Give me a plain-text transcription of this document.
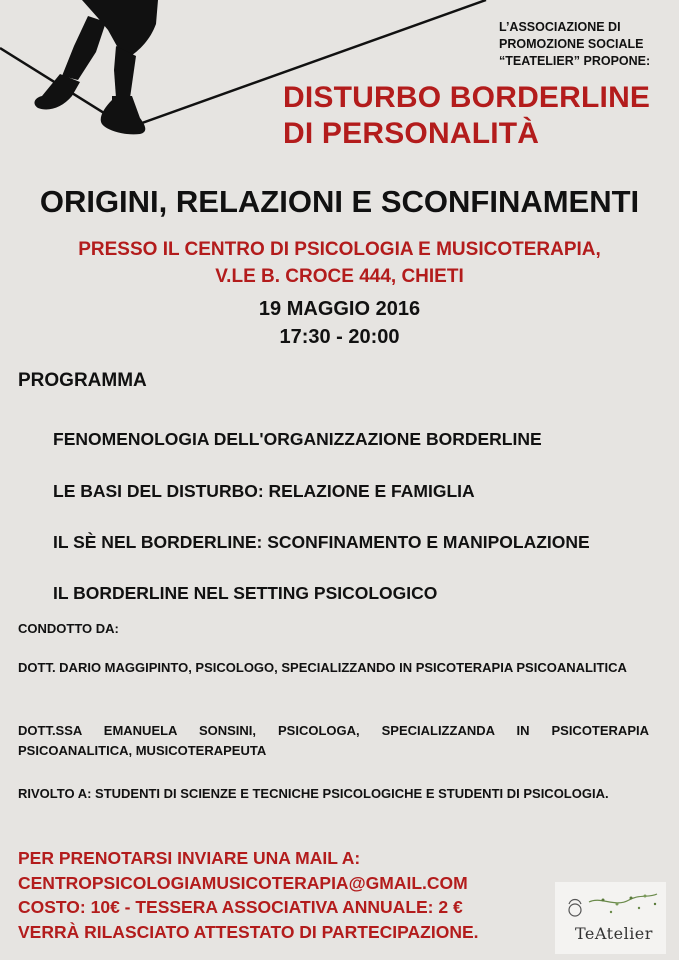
L’ASSOCIAZIONE DI PROMOZIONE SOCIALE “TEATELIER” PROPONE:
DISTURBO BORDERLINE
DI PERSONALITÀ
ORIGINI, RELAZIONI E SCONFINAMENTI
PRESSO IL CENTRO DI PSICOLOGIA E MUSICOTERAPIA,
V.LE B. CROCE 444, CHIETI
19 MAGGIO 2016
17:30 - 20:00
PROGRAMMA
FENOMENOLOGIA DELL'ORGANIZZAZIONE BORDERLINE
LE BASI DEL DISTURBO: RELAZIONE E FAMIGLIA
IL SÈ NEL BORDERLINE: SCONFINAMENTO E MANIPOLAZIONE
IL BORDERLINE NEL SETTING PSICOLOGICO
CONDOTTO DA:
DOTT. DARIO MAGGIPINTO, PSICOLOGO, SPECIALIZZANDO IN PSICOTERAPIA PSICOANALITICA
DOTT.SSA EMANUELA SONSINI, PSICOLOGA, SPECIALIZZANDA IN PSICOTERAPIA PSICOANALITICA, MUSICOTERAPEUTA
RIVOLTO A: STUDENTI DI SCIENZE E TECNICHE PSICOLOGICHE E STUDENTI DI PSICOLOGIA.
PER PRENOTARSI INVIARE UNA MAIL A:
CENTROPSICOLOGIAMUSICOTERAPIA@GMAIL.COM
COSTO: 10€ - TESSERA ASSOCIATIVA ANNUALE: 2 €
VERRÀ RILASCIATO ATTESTATO DI PARTECIPAZIONE.	TeAtelier
